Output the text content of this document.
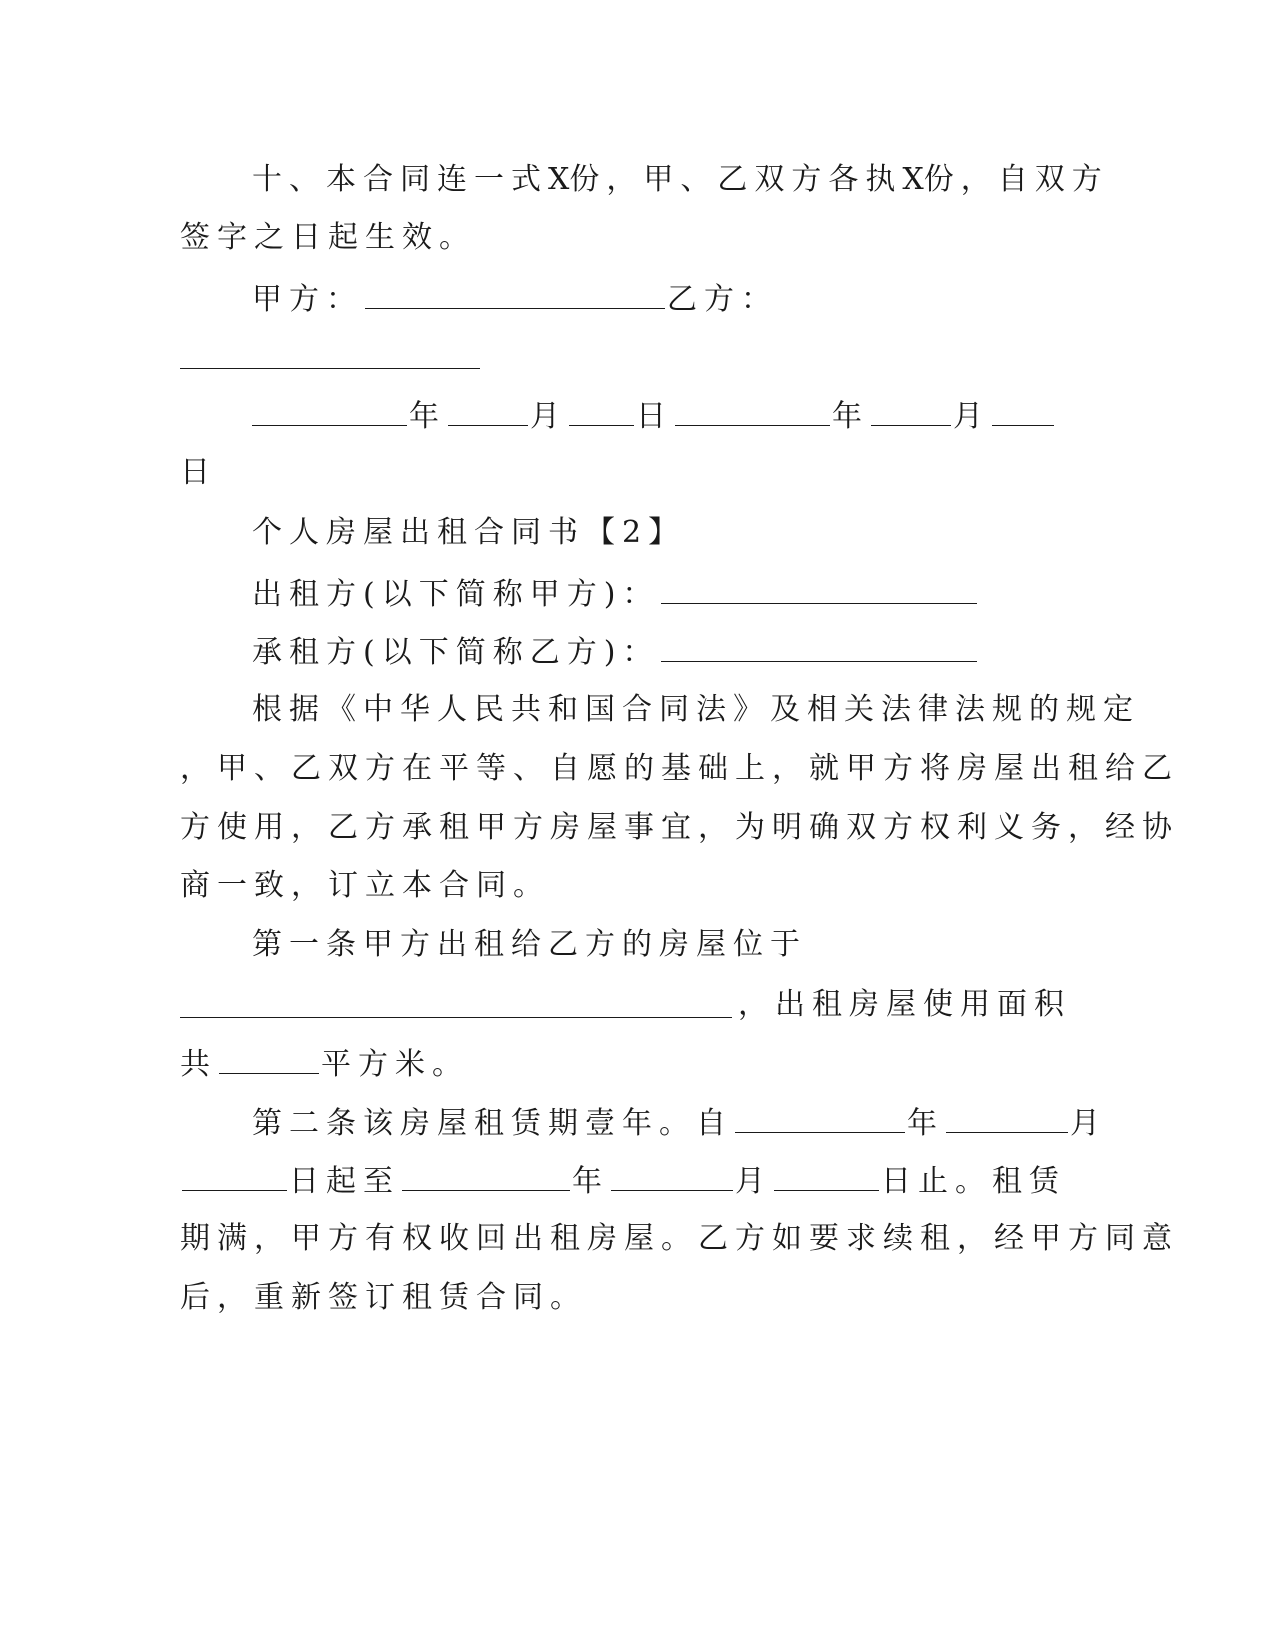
十、本合同连一式X份，甲、乙双方各执X份，自双方
签字之日起生效。
甲方：	乙方：
年	月 日	年	月
日
个人房屋出租合同书【2】
出租方(以下简称甲方)：
承租方(以下简称乙方)：
根据《中华人民共和国合同法》及相关法律法规的规定
，甲、乙双方在平等、自愿的基础上，就甲方将房屋出租给乙
方使用，乙方承租甲方房屋事宜，为明确双方权利义务，经协
商一致，订立本合同。
第一条甲方出租给乙方的房屋位于
，出租房屋使用面积
共	平方米。
第二条该房屋租赁期壹年。自	年	月
日起至	年	月	日止。租赁
期满，甲方有权收回出租房屋。乙方如要求续租，经甲方同意
后，重新签订租赁合同。
